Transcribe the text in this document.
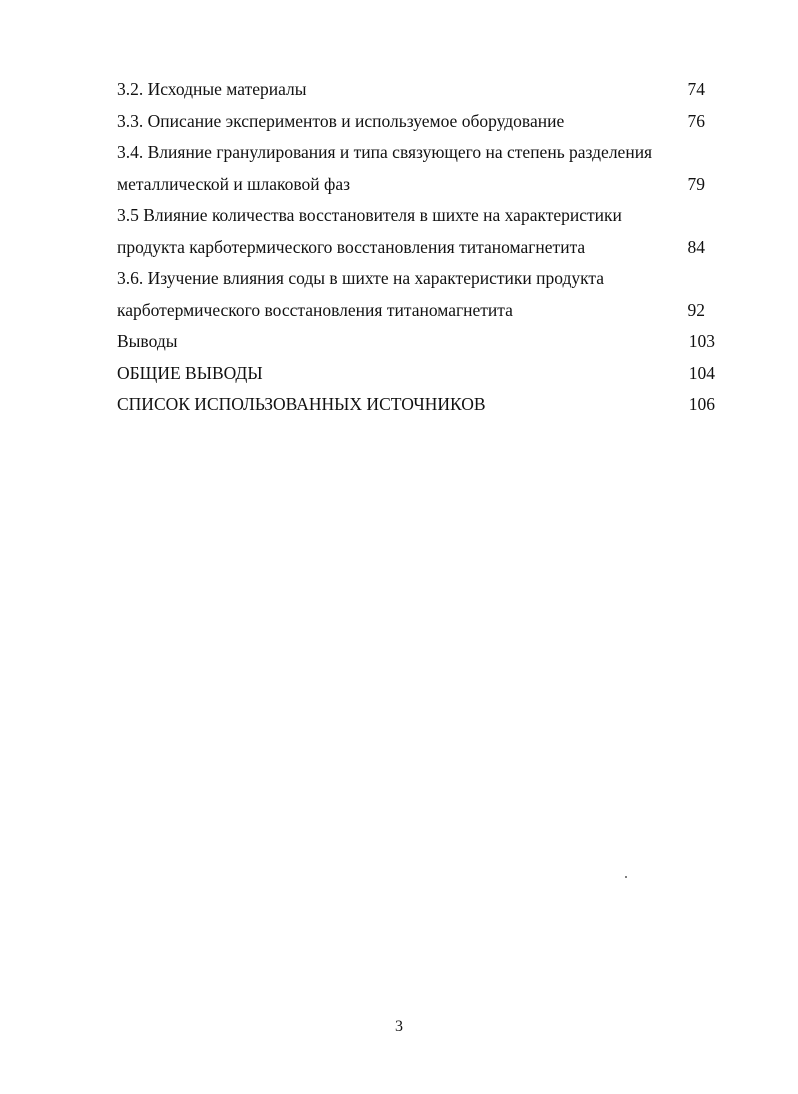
3.2. Исходные материалы	74
3.3. Описание экспериментов и используемое оборудование	76
3.4. Влияние гранулирования и типа связующего на степень разделения
металлической и шлаковой фаз	79
3.5 Влияние количества восстановителя в шихте на характеристики
продукта карботермического восстановления титаномагнетита	84
3.6. Изучение влияния соды в шихте на характеристики продукта
карботермического восстановления титаномагнетита	92
Выводы	103
ОБЩИЕ ВЫВОДЫ	104
СПИСОК ИСПОЛЬЗОВАННЫХ ИСТОЧНИКОВ	106
3
